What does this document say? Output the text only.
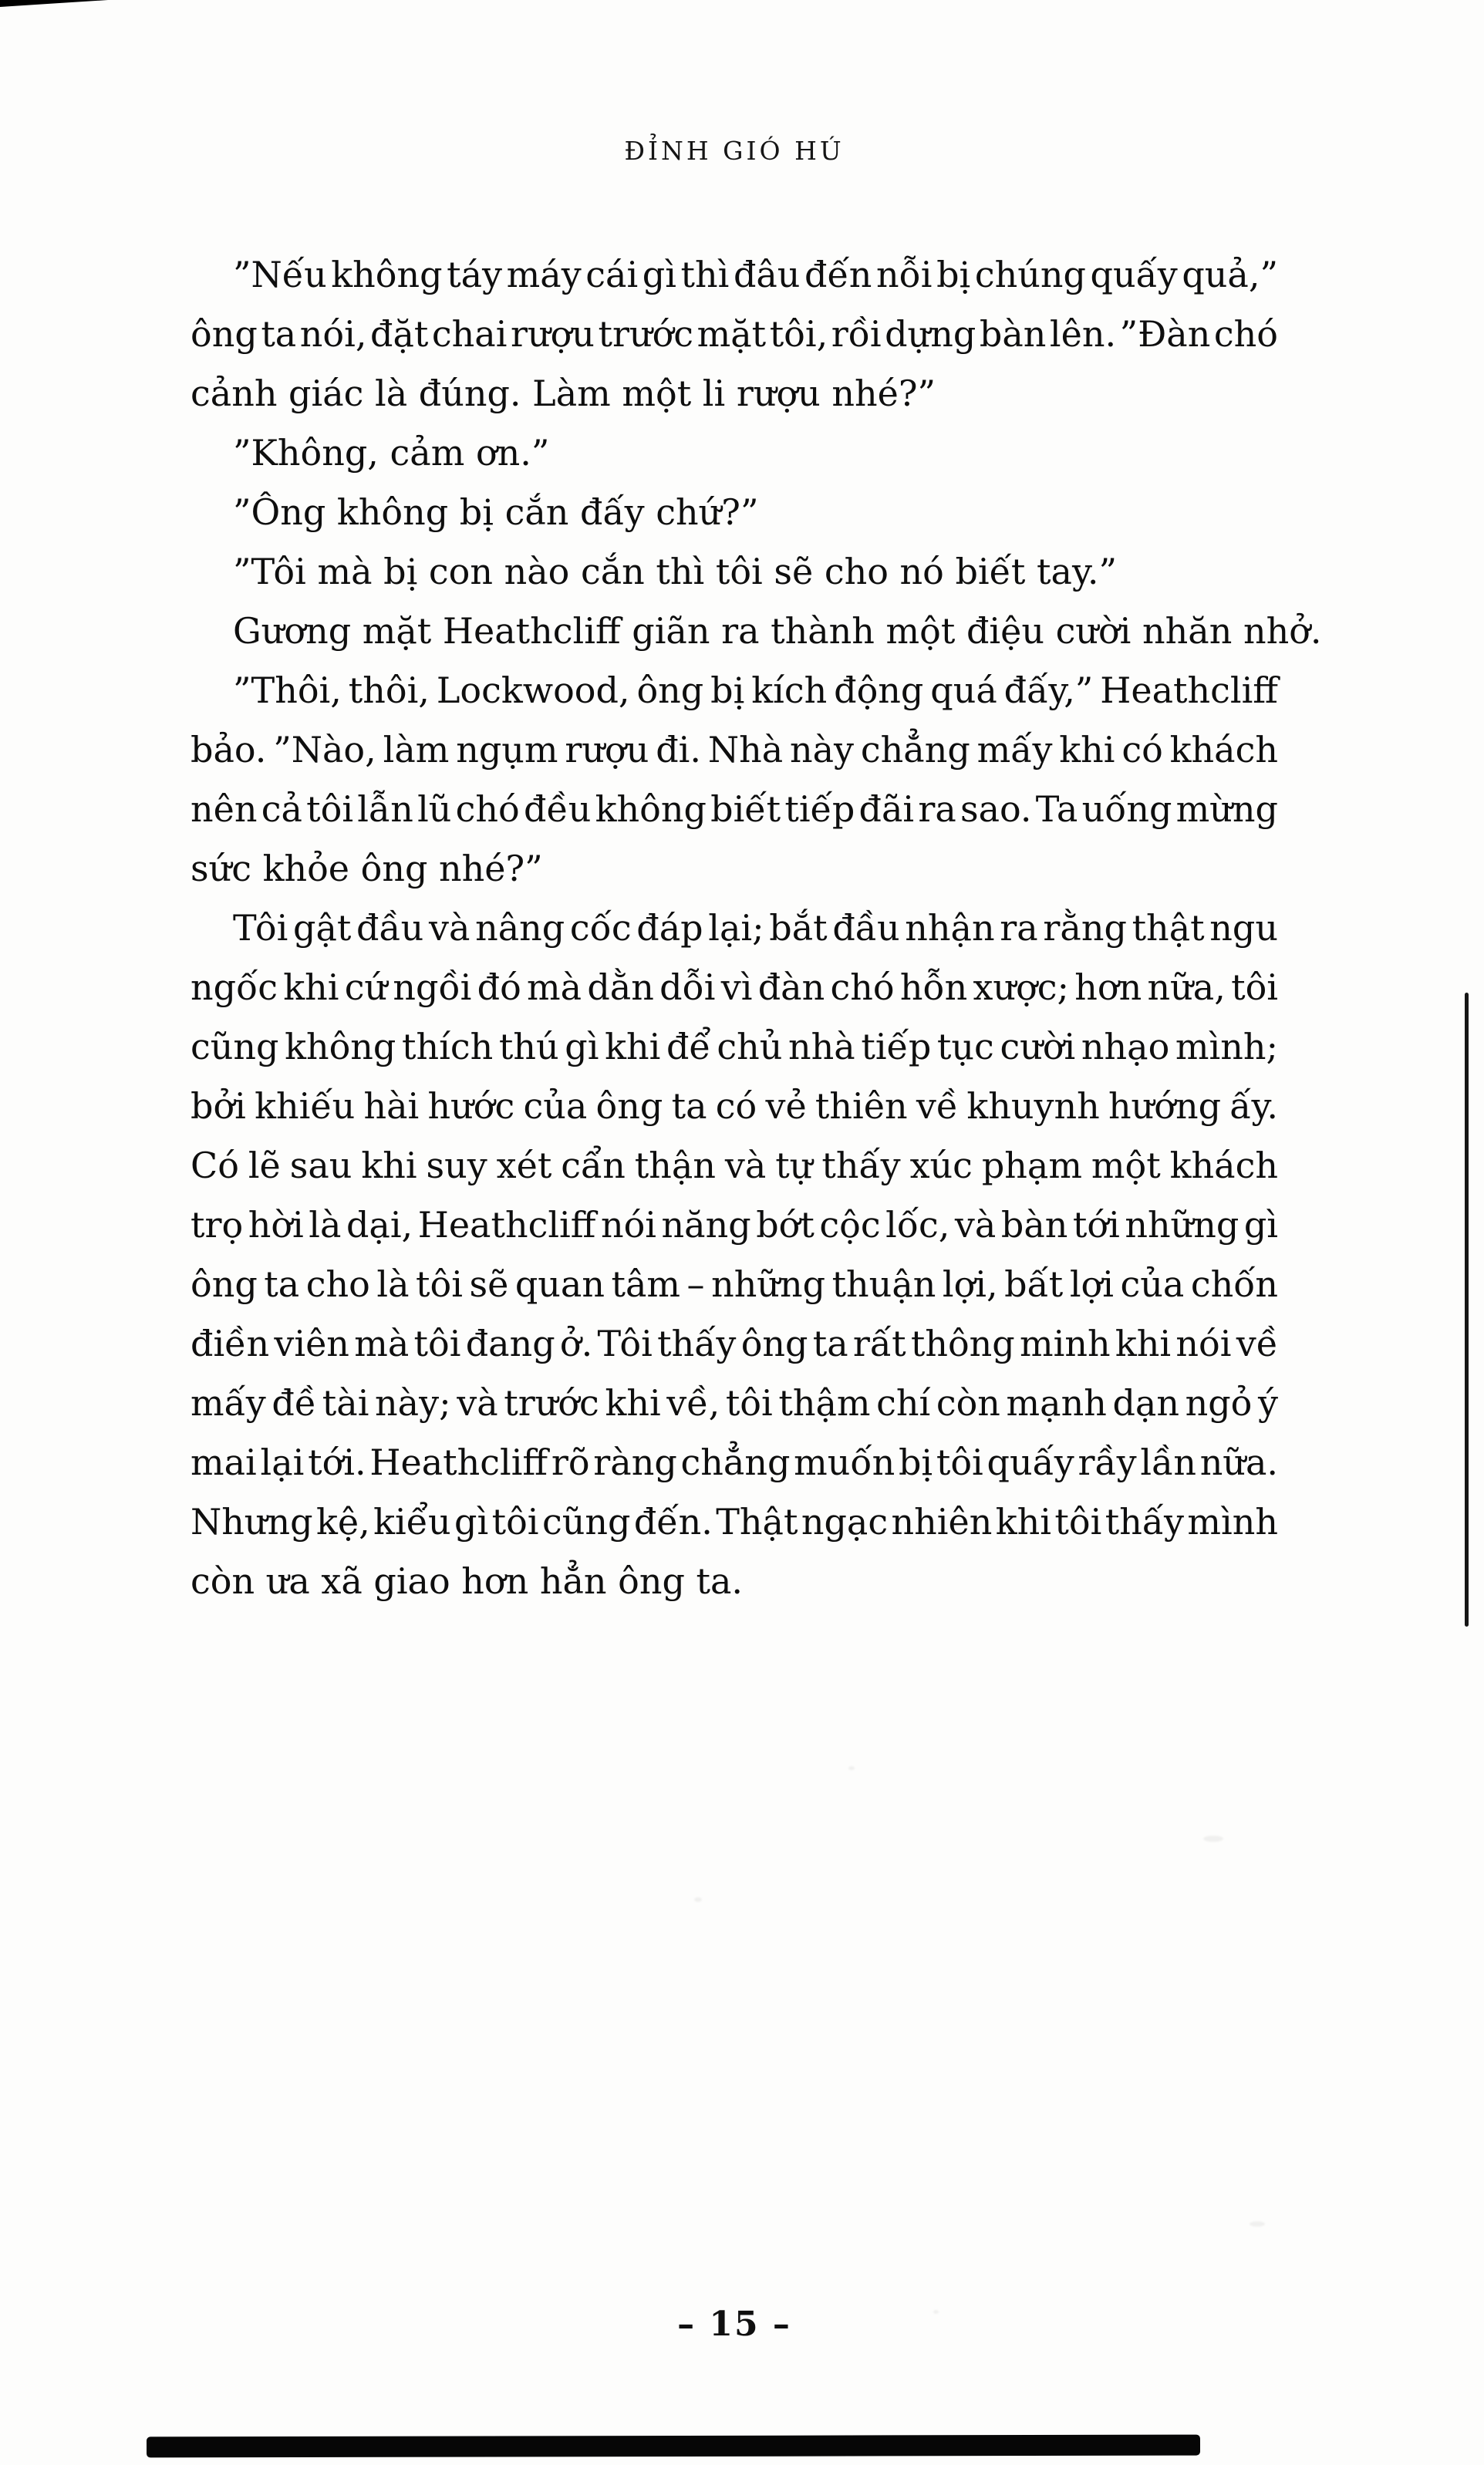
ĐỈNH GIÓ HÚ
”Nếu không táy máy cái gì thì đâu đến nỗi bị chúng quấy quả,”
ông ta nói, đặt chai rượu trước mặt tôi, rồi dựng bàn lên. ”Đàn chó
cảnh giác là đúng. Làm một li rượu nhé?”
”Không, cảm ơn.”
”Ông không bị cắn đấy chứ?”
”Tôi mà bị con nào cắn thì tôi sẽ cho nó biết tay.”
Gương mặt Heathcliff giãn ra thành một điệu cười nhăn nhở.
”Thôi, thôi, Lockwood, ông bị kích động quá đấy,” Heathcliff
bảo. ”Nào, làm ngụm rượu đi. Nhà này chẳng mấy khi có khách
nên cả tôi lẫn lũ chó đều không biết tiếp đãi ra sao. Ta uống mừng
sức khỏe ông nhé?”
Tôi gật đầu và nâng cốc đáp lại; bắt đầu nhận ra rằng thật ngu
ngốc khi cứ ngồi đó mà dằn dỗi vì đàn chó hỗn xược; hơn nữa, tôi
cũng không thích thú gì khi để chủ nhà tiếp tục cười nhạo mình;
bởi khiếu hài hước của ông ta có vẻ thiên về khuynh hướng ấy.
Có lẽ sau khi suy xét cẩn thận và tự thấy xúc phạm một khách
trọ hời là dại, Heathcliff nói năng bớt cộc lốc, và bàn tới những gì
ông ta cho là tôi sẽ quan tâm – những thuận lợi, bất lợi của chốn
điền viên mà tôi đang ở. Tôi thấy ông ta rất thông minh khi nói về
mấy đề tài này; và trước khi về, tôi thậm chí còn mạnh dạn ngỏ ý
mai lại tới. Heathcliff rõ ràng chẳng muốn bị tôi quấy rầy lần nữa.
Nhưng kệ, kiểu gì tôi cũng đến. Thật ngạc nhiên khi tôi thấy mình
còn ưa xã giao hơn hẳn ông ta.
– 15 –
